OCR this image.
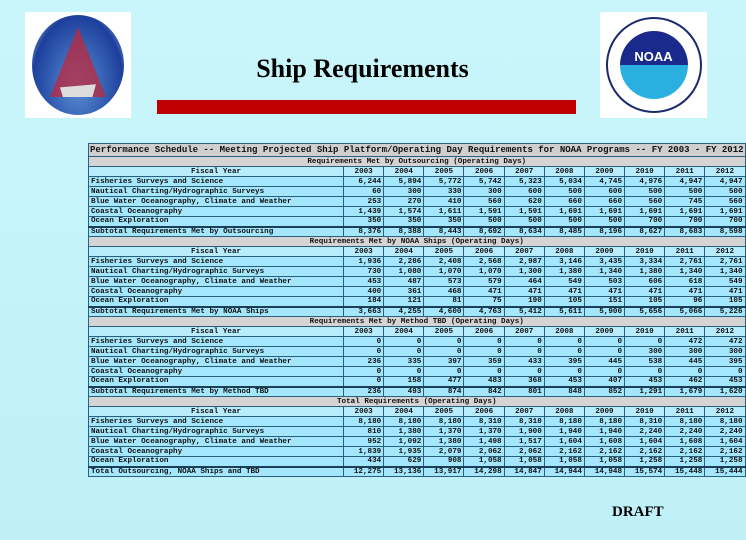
Ship Requirements	NOAA
Performance Schedule -- Meeting Projected Ship Platform/Operating Day Requirements for NOAA Programs -- FY 2003 - FY 2012										
Requirements Met by Outsourcing (Operating Days)										
Fiscal Year	2003	2004	2005	2006	2007	2008	2009	2010	2011	2012
Fisheries Surveys and Science	6,244	5,894	5,772	5,742	5,323	5,034	4,745	4,976	4,947	4,947
Nautical Charting/Hydrographic Surveys	60	300	330	300	600	500	600	500	500	500
Blue Water Oceanography, Climate and Weather	253	270	410	560	620	660	660	560	745	560
Coastal Oceanography	1,439	1,574	1,611	1,591	1,591	1,691	1,691	1,691	1,691	1,691
Ocean Exploration	350	350	350	500	500	500	500	700	700	700
Subtotal Requirements Met by Outsourcing	8,376	8,388	8,443	8,692	8,634	8,485	8,196	8,627	8,683	8,598
Requirements Met by NOAA Ships (Operating Days)										
Fiscal Year	2003	2004	2005	2006	2007	2008	2009	2010	2011	2012
Fisheries Surveys and Science	1,936	2,286	2,408	2,568	2,987	3,146	3,435	3,334	2,761	2,761
Nautical Charting/Hydrographic Surveys	730	1,080	1,070	1,070	1,300	1,380	1,340	1,380	1,340	1,340
Blue Water Oceanography, Climate and Weather	453	487	573	579	464	549	503	606	618	549
Coastal Oceanography	400	361	468	471	471	471	471	471	471	471
Ocean Exploration	184	121	81	75	190	105	151	105	96	105
Subtotal Requirements Met by NOAA Ships	3,663	4,255	4,600	4,763	5,412	5,611	5,900	5,656	5,066	5,226
Requirements Met by Method TBD (Operating Days)										
Fiscal Year	2003	2004	2005	2006	2007	2008	2009	2010	2011	2012
Fisheries Surveys and Science	0	0	0	0	0	0	0	0	472	472
Nautical Charting/Hydrographic Surveys	0	0	0	0	0	0	0	300	300	300
Blue Water Oceanography, Climate and Weather	236	335	397	359	433	395	445	538	445	395
Coastal Oceanography	0	0	0	0	0	0	0	0	0	0
Ocean Exploration	0	158	477	483	368	453	407	453	462	453
Subtotal Requirements Met by Method TBD	236	493	874	842	801	848	852	1,291	1,679	1,620
Total Requirements (Operating Days)										
Fiscal Year	2003	2004	2005	2006	2007	2008	2009	2010	2011	2012
Fisheries Surveys and Science	8,180	8,180	8,180	8,310	8,310	8,180	8,180	8,310	8,180	8,180
Nautical Charting/Hydrographic Surveys	810	1,380	1,370	1,370	1,900	1,940	1,940	2,240	2,240	2,240
Blue Water Oceanography, Climate and Weather	952	1,092	1,380	1,498	1,517	1,604	1,608	1,604	1,608	1,604
Coastal Oceanography	1,839	1,935	2,079	2,062	2,062	2,162	2,162	2,162	2,162	2,162
Ocean Exploration	434	629	908	1,058	1,058	1,058	1,058	1,258	1,258	1,258
Total Outsourcing, NOAA Ships and TBD	12,275	13,136	13,917	14,298	14,847	14,944	14,948	15,574	15,448	15,444
DRAFT
